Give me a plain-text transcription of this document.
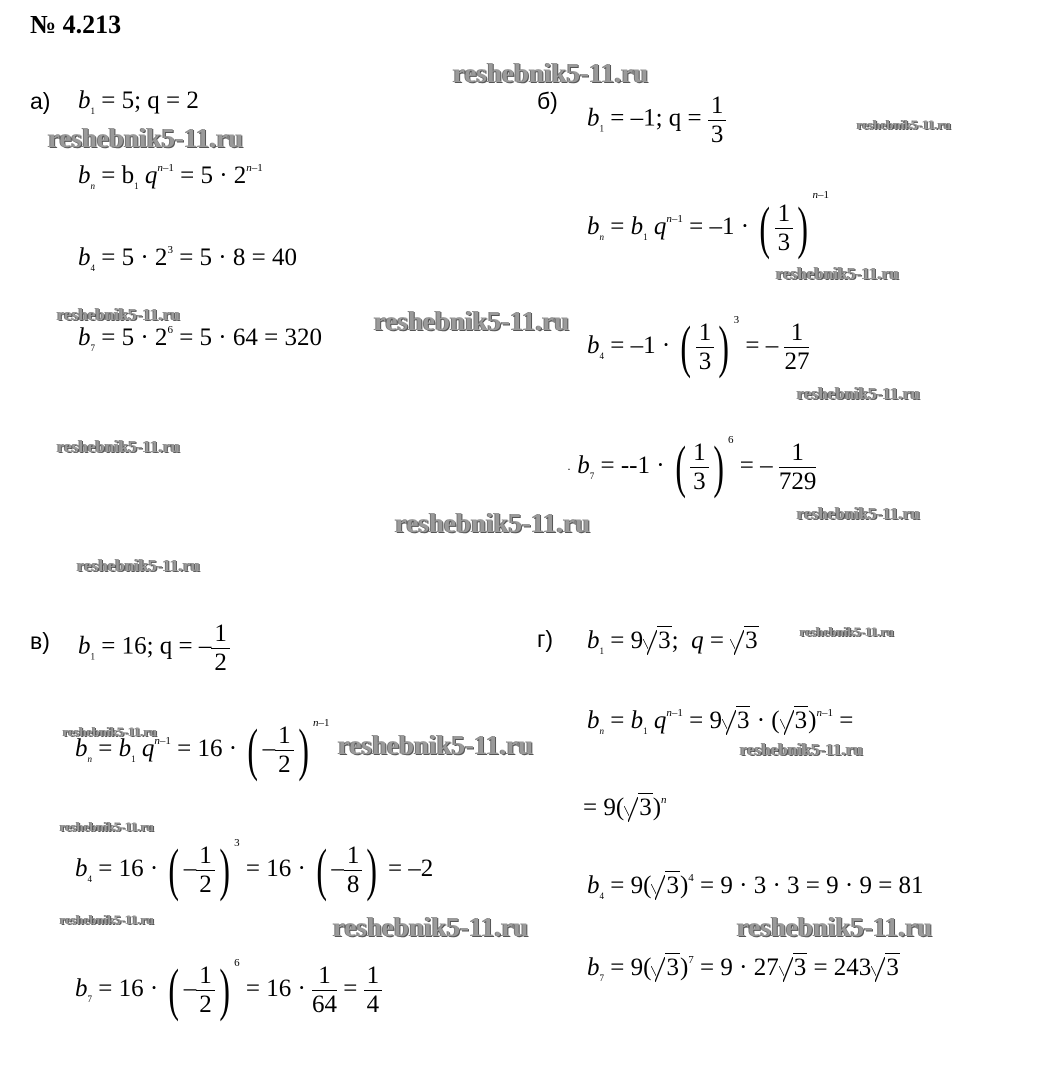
№ 4.213
reshebnik5-11.ru
reshebnik5-11.ru	reshebnik5-11.ru
reshebnik5-11.ru
reshebnik5-11.ru	reshebnik5-11.ru
reshebnik5-11.ru
reshebnik5-11.ru
reshebnik5-11.ru	reshebnik5-11.ru
reshebnik5-11.ru
reshebnik5-11.ru
reshebnik5-11.ru	reshebnik5-11.ru	reshebnik5-11.ru
reshebnik5-11.ru
reshebnik5-11.ru	reshebnik5-11.ru	reshebnik5-11.ru
а) $b_1 = 5$; q = 2
$b_n = b_1$ $q^{n-1} = 5 \cdot 2^{n-1}$
$b_4 = 5 \cdot 2^3 = 5 \cdot 8 = 40$
$b_7 = 5 \cdot 2^6 = 5 \cdot 64 = 320$
б)
$b_1 = -1$; $q = \frac{1}{3}$
$b_n = b_1$ $q^{n-1} = -1$ · ( $\frac{1}{3} )^{n-1}$
$b_4 = -1$ · ( $\frac{1}{3}$ ) $^3$ = – $\frac{1}{27}$
· $b_7 = --1$ · ( $\frac{1}{3}$ ) $^6$ = – $\frac{1}{729}$
в) $b_1 = 16$; q = – $\frac{1}{2}$
$b_n = b_1$ $q^{n-1} = 16$ · ( – $\frac{1}{2}$ ) $^{n-1}$
$b_4 = 16$ · ( – $\frac{1}{2}$ ) $^3$ = 16 · ( – $\frac{1}{8}$ ) = –2
$b_7 = 16$ · ( – $\frac{1}{2}$ ) $^6 = 16 \cdot \frac{1}{64} = \frac{1}{4}$
г) $b_1 = 9$ 3;  q = 3
$b_n = b_1$ $q^{n-1} = 9$ 3 · ( 3)$^{n-1}$ =
= 9( 3)$^n$
$b_4 = 9$( 3)$^4$ = 9 · 3 · 3 = 9 · 9 = 81
$b_7 = 9$( 3)$^7$ = 9 · 27 3 = 243 3
